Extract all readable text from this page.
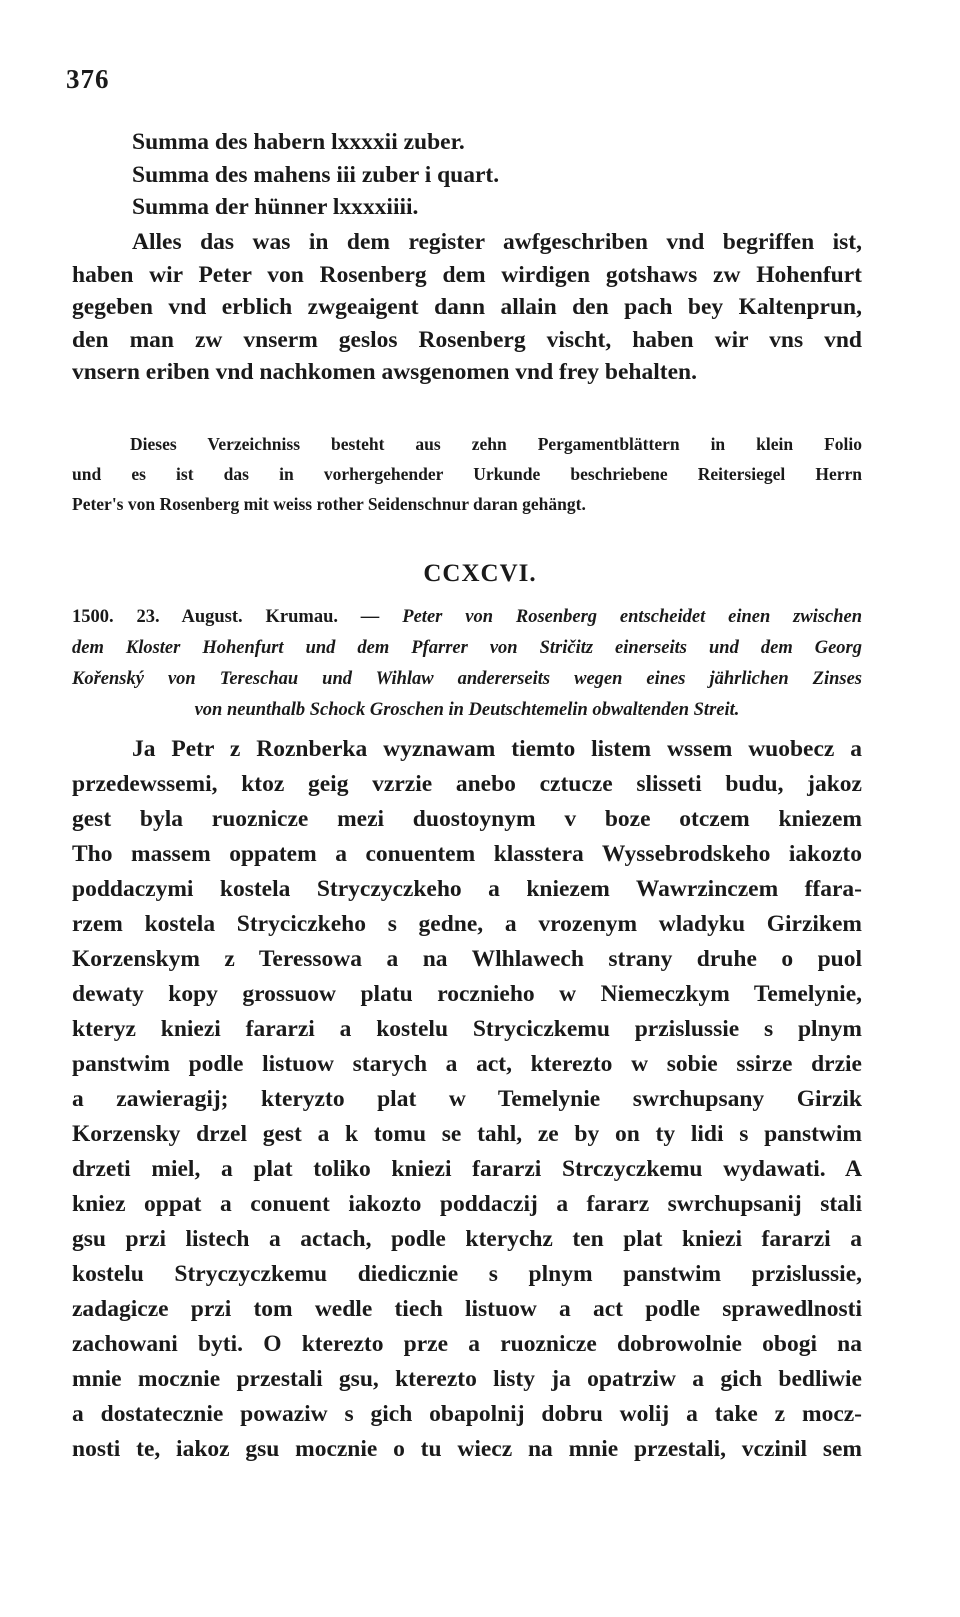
376
Summa des habern lxxxxii zuber.
Summa des mahens iii zuber i quart.
Summa der hünner lxxxxiiii.
Alles das was in dem register awfgeschriben vnd begriffen ist,
haben wir Peter von Rosenberg dem wirdigen gotshaws zw Hohenfurt
gegeben vnd erblich zwgeaigent dann allain den pach bey Kaltenprun,
den man zw vnserm geslos Rosenberg vischt, haben wir vns vnd
vnsern eriben vnd nachkomen awsgenomen vnd frey behalten.
Dieses Verzeichniss besteht aus zehn Pergamentblättern in klein Folio
und es ist das in vorhergehender Urkunde beschriebene Reitersiegel Herrn
Peter's von Rosenberg mit weiss rother Seidenschnur daran gehängt.
CCXCVI.
1500. 23. August. Krumau. — Peter von Rosenberg entscheidet einen zwischen
dem Kloster Hohenfurt und dem Pfarrer von Stričitz einerseits und dem Georg
Kořenský von Tereschau und Wihlaw andererseits wegen eines jährlichen Zinses
von neunthalb Schock Groschen in Deutschtemelin obwaltenden Streit.
Ja Petr z Roznberka wyznawam tiemto listem wssem wuobecz a
przedewssemi, ktoz geig vzrzie anebo cztucze slisseti budu, jakoz
gest byla ruoznicze mezi duostoynym v boze otczem kniezem
Tho massem oppatem a conuentem klasstera Wyssebrodskeho iakozto
poddaczymi kostela Stryczyczkeho a kniezem Wawrzinczem ffara-
rzem kostela Stryciczkeho s gedne, a vrozenym wladyku Girzikem
Korzenskym z Teressowa a na Wlhlawech strany druhe o puol
dewaty kopy grossuow platu rocznieho w Niemeczkym Temelynie,
kteryz kniezi fararzi a kostelu Stryciczkemu przislussie s plnym
panstwim podle listuow starych a act, kterezto w sobie ssirze drzie
a zawieragij; kteryzto plat w Temelynie swrchupsany Girzik
Korzensky drzel gest a k tomu se tahl, ze by on ty lidi s panstwim
drzeti miel, a plat toliko kniezi fararzi Strczyczkemu wydawati. A
kniez oppat a conuent iakozto poddaczij a fararz swrchupsanij stali
gsu przi listech a actach, podle kterychz ten plat kniezi fararzi a
kostelu Stryczyczkemu diedicznie s plnym panstwim przislussie,
zadagicze przi tom wedle tiech listuow a act podle sprawedlnosti
zachowani byti. O kterezto prze a ruoznicze dobrowolnie obogi na
mnie mocznie przestali gsu, kterezto listy ja opatrziw a gich bedliwie
a dostatecznie powaziw s gich obapolnij dobru wolij a take z mocz-
nosti te, iakoz gsu mocznie o tu wiecz na mnie przestali, vczinil sem
